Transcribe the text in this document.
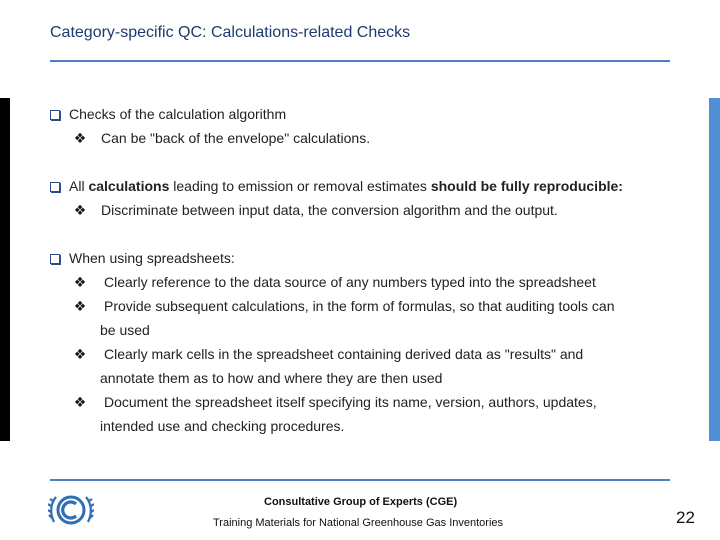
Category-specific QC: Calculations-related Checks
Checks of the calculation algorithm
❖ Can be "back of the envelope" calculations.
All calculations leading to emission or removal estimates should be fully reproducible:
❖ Discriminate between input data, the conversion algorithm and the output.
When using spreadsheets:
❖ Clearly reference to the data source of any numbers typed into the spreadsheet
❖ Provide subsequent calculations, in the form of formulas, so that auditing tools can
be used
❖ Clearly mark cells in the spreadsheet containing derived data as "results" and
annotate them as to how and where they are then used
❖ Document the spreadsheet itself specifying its name, version, authors, updates,
intended use and checking procedures.
Consultative Group of Experts (CGE)
Training Materials for National Greenhouse Gas Inventories	22
